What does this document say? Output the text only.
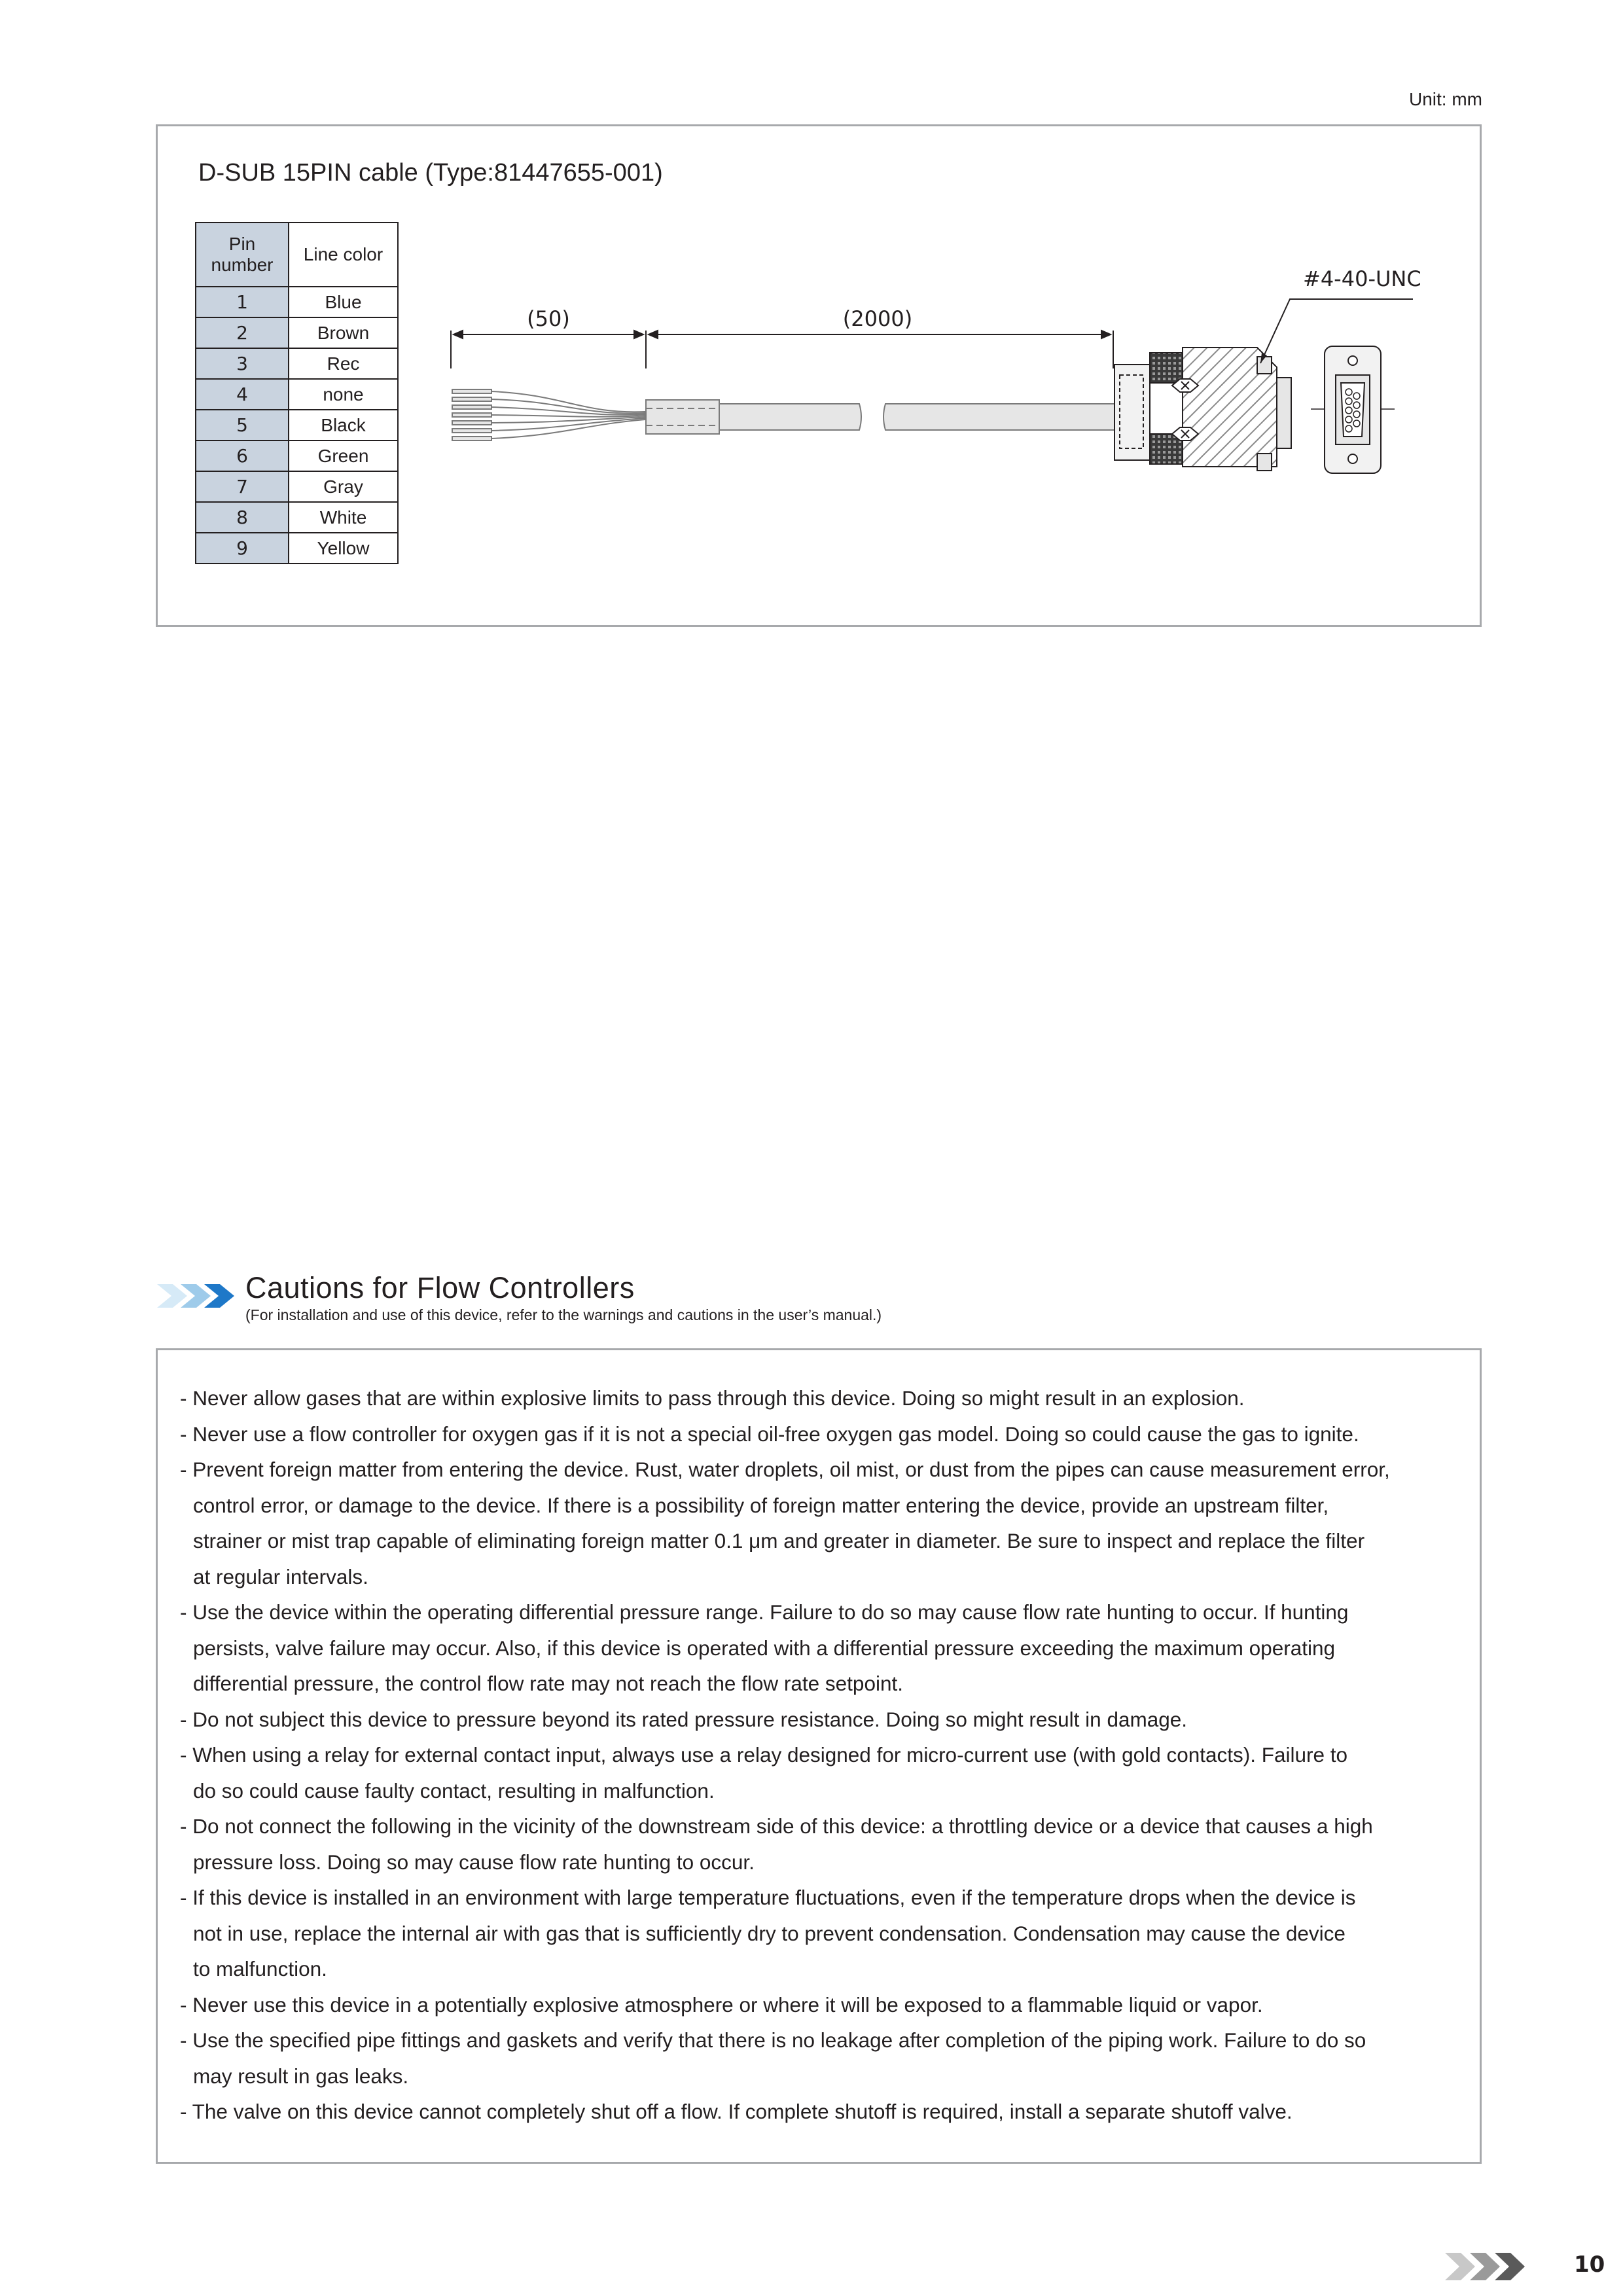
Unit: mm
D-SUB 15PIN cable (Type:81447655-001)
Pin
number	Line color
1	Blue
2	Brown
3	Rec
4	none
5	Black
6	Green
7	Gray
8	White
9	Yellow
(50)	(2000)
#4-40-UNC
Cautions for Flow Controllers
(For installation and use of this device, refer to the warnings and cautions in the user’s manual.)
- Never allow gases that are within explosive limits to pass through this device. Doing so might result in an explosion.
- Never use a flow controller for oxygen gas if it is not a special oil-free oxygen gas model. Doing so could cause the gas to ignite.
- Prevent foreign matter from entering the device. Rust, water droplets, oil mist, or dust from the pipes can cause measurement error,
control error, or damage to the device. If there is a possibility of foreign matter entering the device, provide an upstream filter,
strainer or mist trap capable of eliminating foreign matter 0.1 μm and greater in diameter. Be sure to inspect and replace the filter
at regular intervals.
- Use the device within the operating differential pressure range. Failure to do so may cause flow rate hunting to occur. If hunting
persists, valve failure may occur. Also, if this device is operated with a differential pressure exceeding the maximum operating
differential pressure, the control flow rate may not reach the flow rate setpoint.
- Do not subject this device to pressure beyond its rated pressure resistance. Doing so might result in damage.
- When using a relay for external contact input, always use a relay designed for micro-current use (with gold contacts). Failure to
do so could cause faulty contact, resulting in malfunction.
- Do not connect the following in the vicinity of the downstream side of this device: a throttling device or a device that causes a high
pressure loss. Doing so may cause flow rate hunting to occur.
- If this device is installed in an environment with large temperature fluctuations, even if the temperature drops when the device is
not in use, replace the internal air with gas that is sufficiently dry to prevent condensation. Condensation may cause the device
to malfunction.
- Never use this device in a potentially explosive atmosphere or where it will be exposed to a flammable liquid or vapor.
- Use the specified pipe fittings and gaskets and verify that there is no leakage after completion of the piping work. Failure to do so
may result in gas leaks.
- The valve on this device cannot completely shut off a flow. If complete shutoff is required, install a separate shutoff valve.
10
